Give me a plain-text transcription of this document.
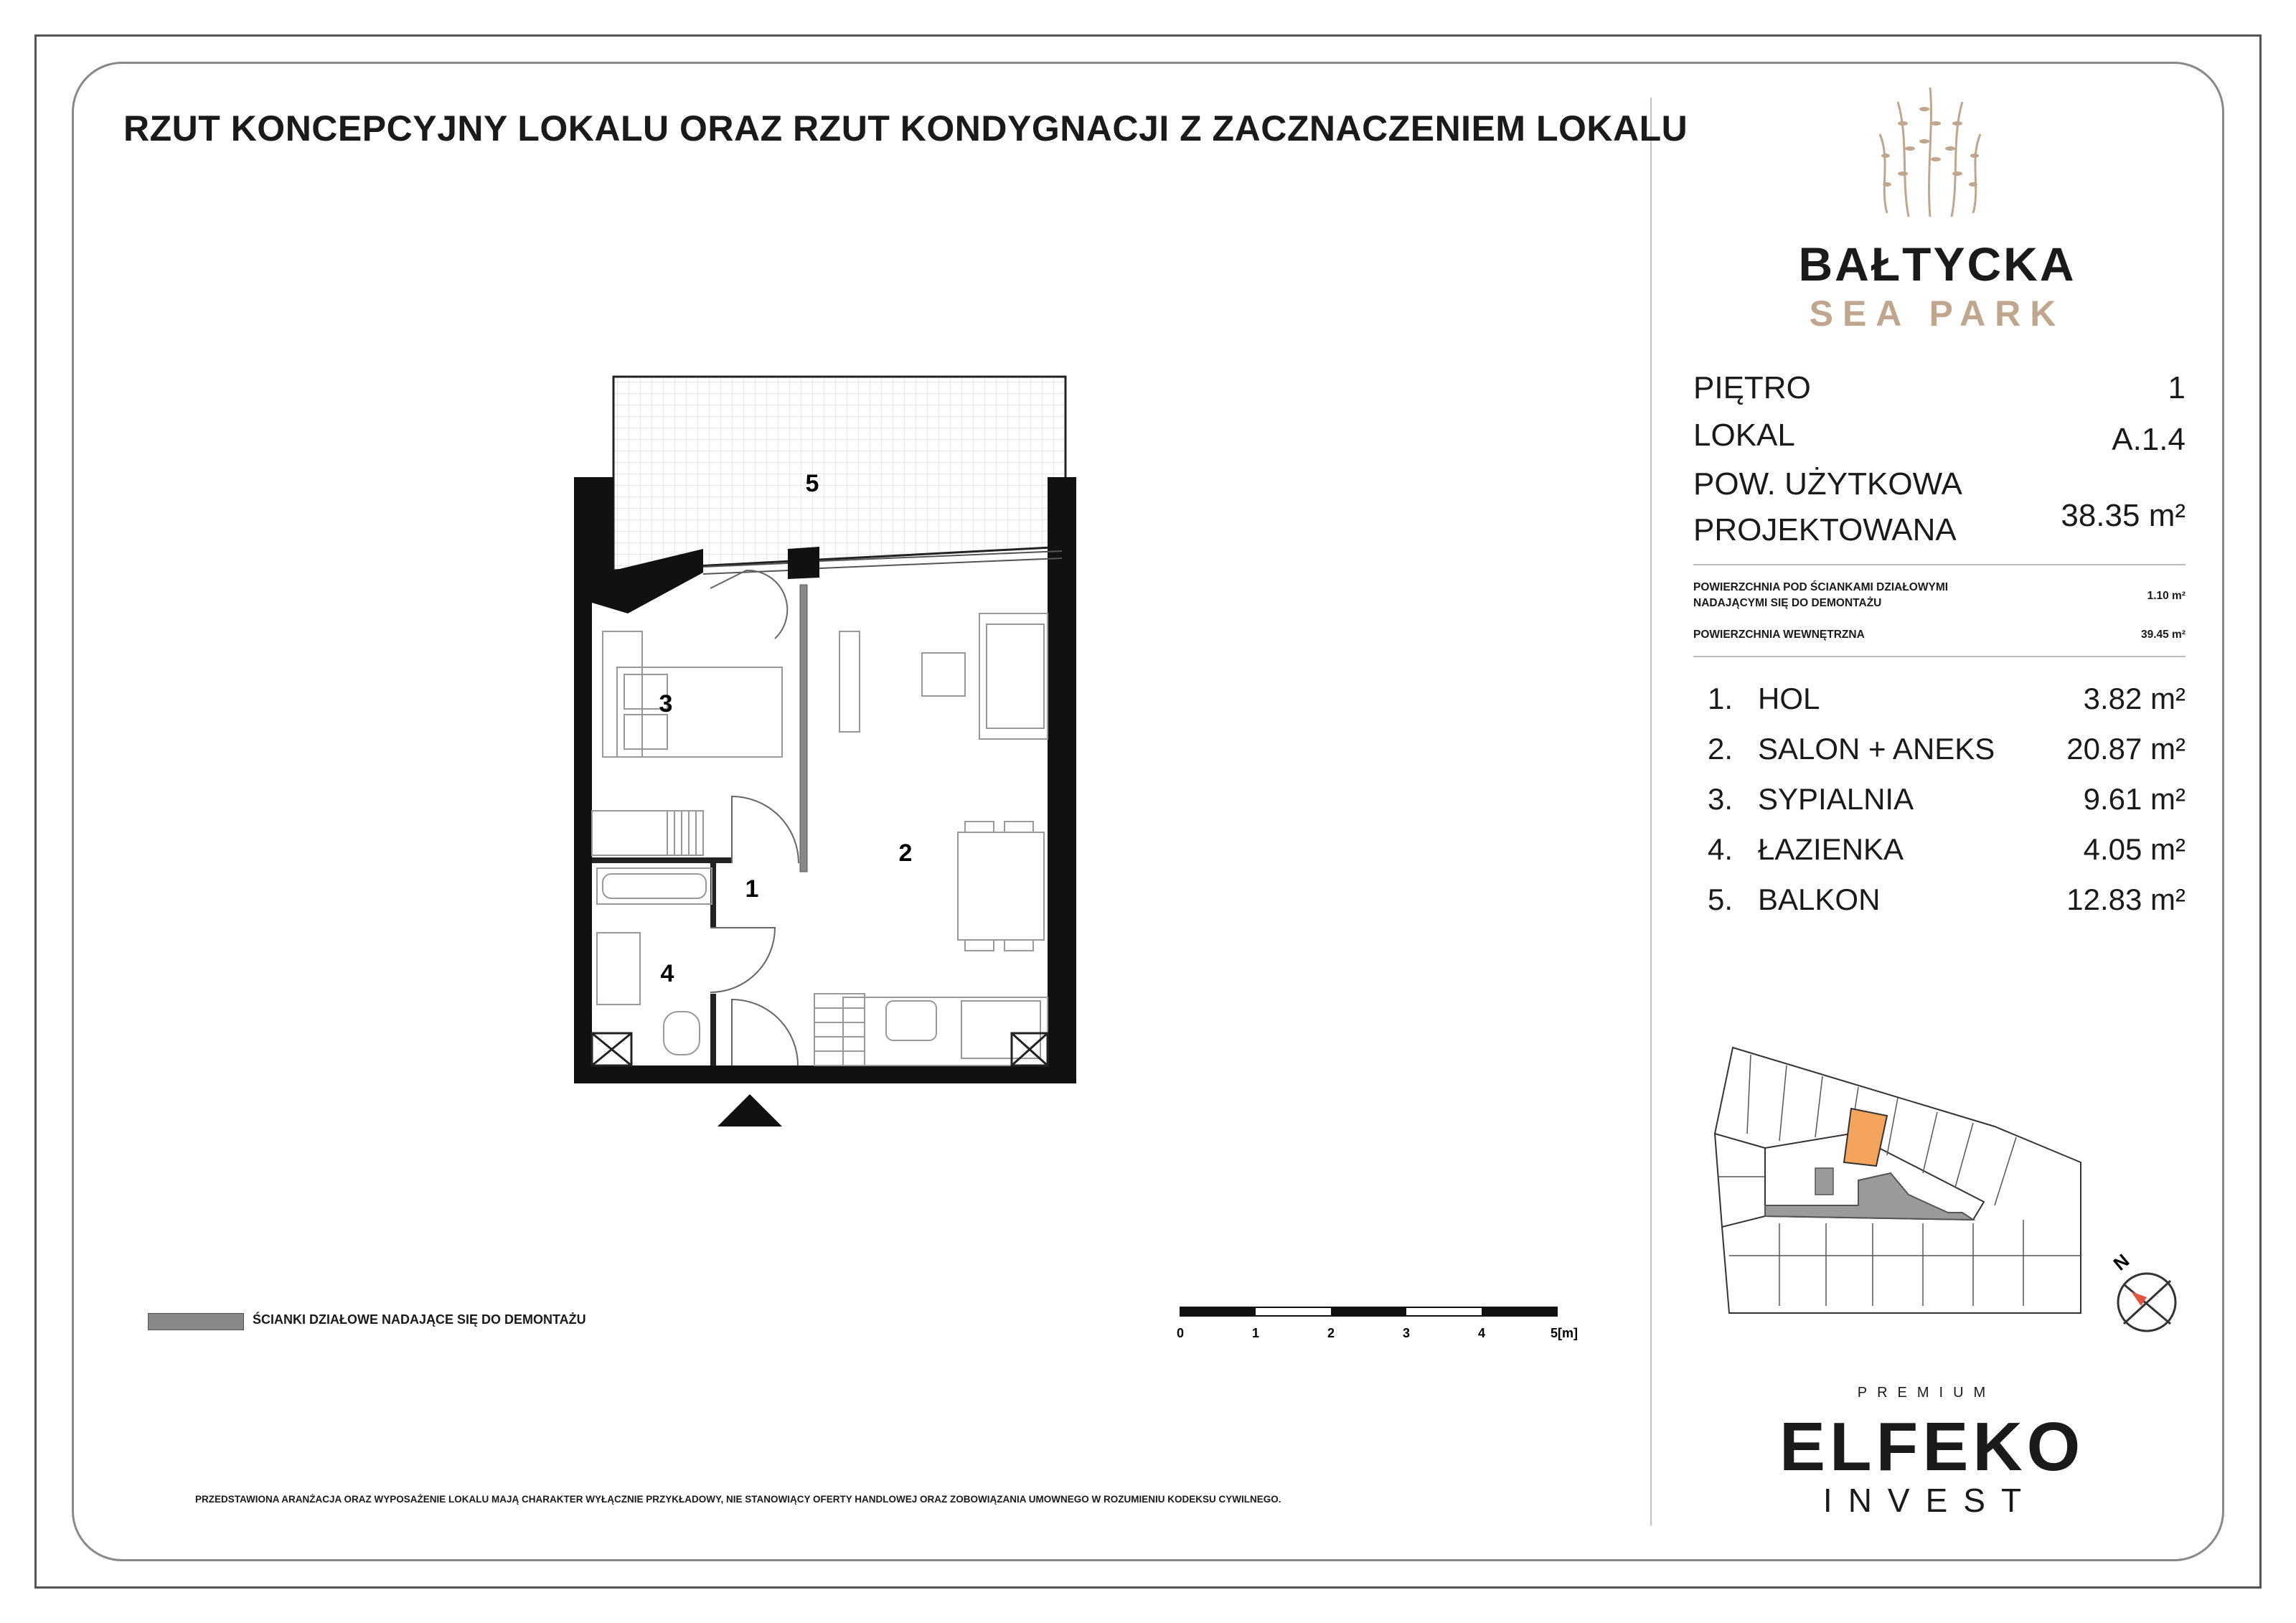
RZUT KONCEPCYJNY LOKALU ORAZ RZUT KONDYGNACJI Z ZACZNACZENIEM LOKALU
5
3
2
1
4
ŚCIANKI DZIAŁOWE NADAJĄCE SIĘ DO DEMONTAŻU
0	1	2	3	4	5[m]
PRZEDSTAWIONA ARANŻACJA ORAZ WYPOSAŻENIE LOKALU MAJĄ CHARAKTER WYŁĄCZNIE PRZYKŁADOWY, NIE STANOWIĄCY OFERTY HANDLOWEJ ORAZ ZOBOWIĄZANIA UMOWNEGO W ROZUMIENIU KODEKSU CYWILNEGO.
BAŁTYCKA
SEA PARK
PIĘTRO	1
LOKAL	A.1.4
POW. UŻYTKOWA
PROJEKTOWANA	38.35 m²
POWIERZCHNIA POD ŚCIANKAMI DZIAŁOWYMI
NADAJĄCYMI SIĘ DO DEMONTAŻU
1.10 m²
POWIERZCHNIA WEWNĘTRZNA	39.45 m²
1. HOL	3.82 m²
2. SALON + ANEKS 20.87 m²
3. SYPIALNIA	9.61 m²
4. ŁAZIENKA	4.05 m²
5. BALKON	12.83 m²
N
PREMIUM
ELFEKO
INVEST
